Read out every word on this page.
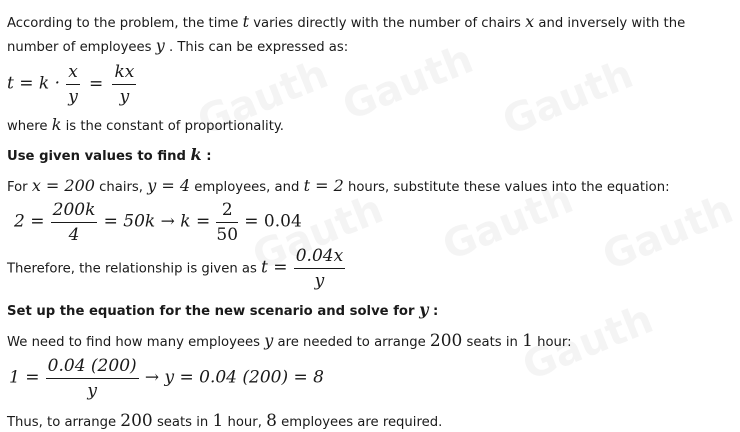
According to the problem, the time t varies directly with the number of chairs x and inversely with the
number of employees y . This can be expressed as:
$t = k \cdot \frac{x}{y} = \frac{kx}{y}$
where k is the constant of proportionality.
Use given values to find k :
For x = 200 chairs, y = 4 employees, and t = 2 hours, substitute these values into the equation:
$2 = \frac{200k}{4} = 50k \to k = \frac{2}{50} = 0.04$
Therefore, the relationship is given as $t = \frac{0.04x}{y}$
Set up the equation for the new scenario and solve for y :
We need to find how many employees y are needed to arrange 200 seats in 1 hour:
$1 = \frac{0.04 (200)}{y} \to y = 0.04$ (200) = 8
Thus, to arrange 200 seats in 1 hour, 8 employees are required.
